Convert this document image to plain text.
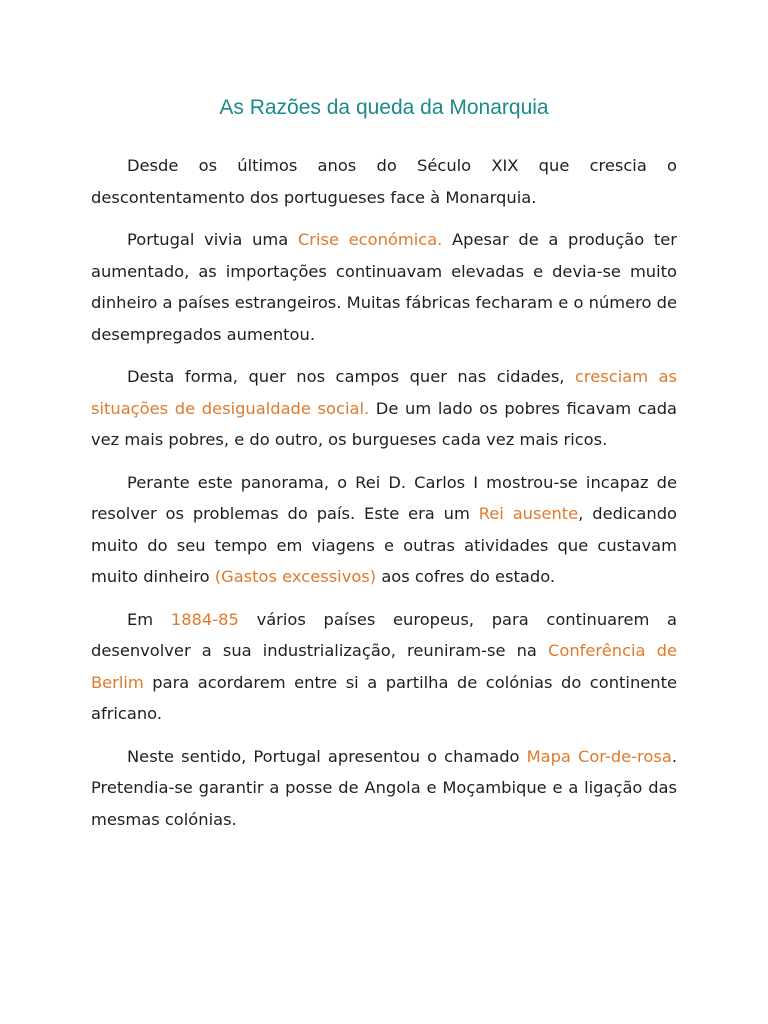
As Razões da queda da Monarquia

Desde os últimos anos do Século XIX que crescia o descontentamento dos portugueses face à Monarquia.

Portugal vivia uma Crise económica. Apesar de a produção ter aumentado, as importações continuavam elevadas e devia-se muito dinheiro a países estrangeiros. Muitas fábricas fecharam e o número de desempregados aumentou.

Desta forma, quer nos campos quer nas cidades, cresciam as situações de desigualdade social. De um lado os pobres ficavam cada vez mais pobres, e do outro, os burgueses cada vez mais ricos.

Perante este panorama, o Rei D. Carlos I mostrou-se incapaz de resolver os problemas do país. Este era um Rei ausente, dedicando muito do seu tempo em viagens e outras atividades que custavam muito dinheiro (Gastos excessivos) aos cofres do estado.

Em 1884-85 vários países europeus, para continuarem a desenvolver a sua industrialização, reuniram-se na Conferência de Berlim para acordarem entre si a partilha de colónias do continente africano.

Neste sentido, Portugal apresentou o chamado Mapa Cor-de-rosa. Pretendia-se garantir a posse de Angola e Moçambique e a ligação das mesmas colónias.
